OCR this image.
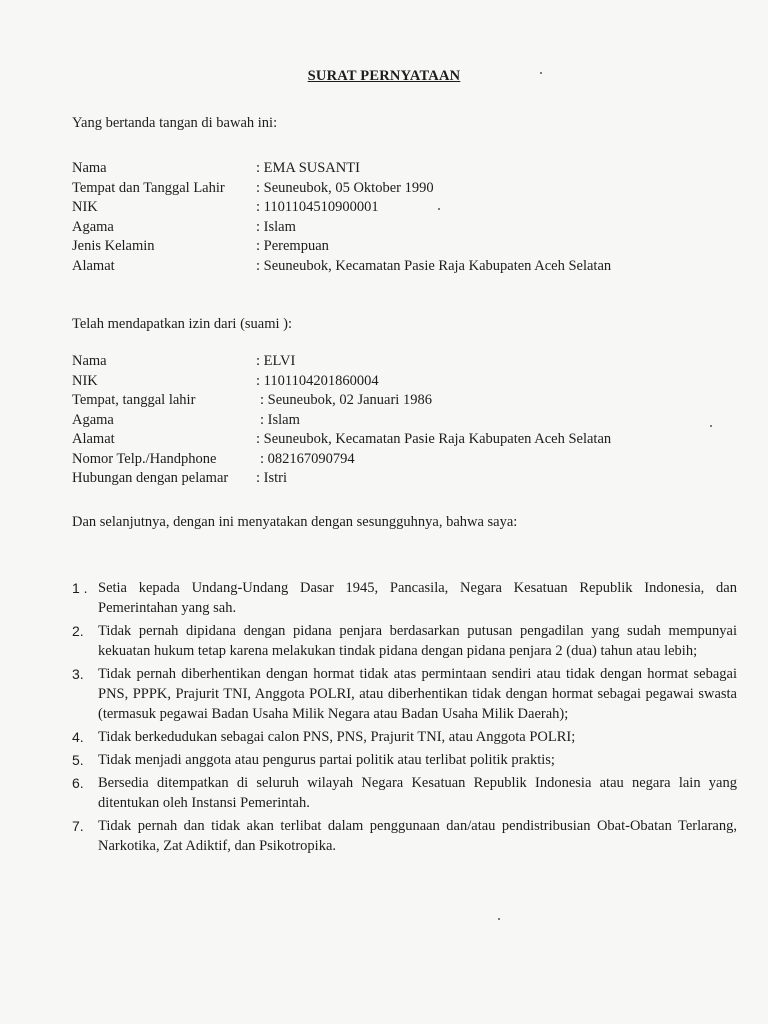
SURAT PERNYATAAN
Yang bertanda tangan di bawah ini:
Nama	: EMA SUSANTI
Tempat dan Tanggal Lahir : Seuneubok, 05 Oktober 1990
NIK	: 1101104510900001
Agama	: Islam
Jenis Kelamin	: Perempuan
Alamat	: Seuneubok, Kecamatan Pasie Raja Kabupaten Aceh Selatan
Telah mendapatkan izin dari (suami ):
Nama	: ELVI
NIK	: 1101104201860004
Tempat, tanggal lahir	: Seuneubok, 02 Januari 1986
Agama	: Islam
Alamat	: Seuneubok, Kecamatan Pasie Raja Kabupaten Aceh Selatan
Nomor Telp./Handphone	: 082167090794
Hubungan dengan pelamar : Istri
Dan selanjutnya, dengan ini menyatakan dengan sesungguhnya, bahwa saya:
1 . Setia kepada Undang-Undang Dasar 1945, Pancasila, Negara Kesatuan Republik Indonesia, dan Pemerintahan yang sah.
2. Tidak pernah dipidana dengan pidana penjara berdasarkan putusan pengadilan yang sudah mempunyai kekuatan hukum tetap karena melakukan tindak pidana dengan pidana penjara 2 (dua) tahun atau lebih;
3. Tidak pernah diberhentikan dengan hormat tidak atas permintaan sendiri atau tidak dengan hormat sebagai PNS, PPPK, Prajurit TNI, Anggota POLRI, atau diberhentikan tidak dengan hormat sebagai pegawai swasta (termasuk pegawai Badan Usaha Milik Negara atau Badan Usaha Milik Daerah);
4. Tidak berkedudukan sebagai calon PNS, PNS, Prajurit TNI, atau Anggota POLRI;
5. Tidak menjadi anggota atau pengurus partai politik atau terlibat politik praktis;
6. Bersedia ditempatkan di seluruh wilayah Negara Kesatuan Republik Indonesia atau negara lain yang ditentukan oleh Instansi Pemerintah.
7. Tidak pernah dan tidak akan terlibat dalam penggunaan dan/atau pendistribusian Obat-Obatan Terlarang, Narkotika, Zat Adiktif, dan Psikotropika.
